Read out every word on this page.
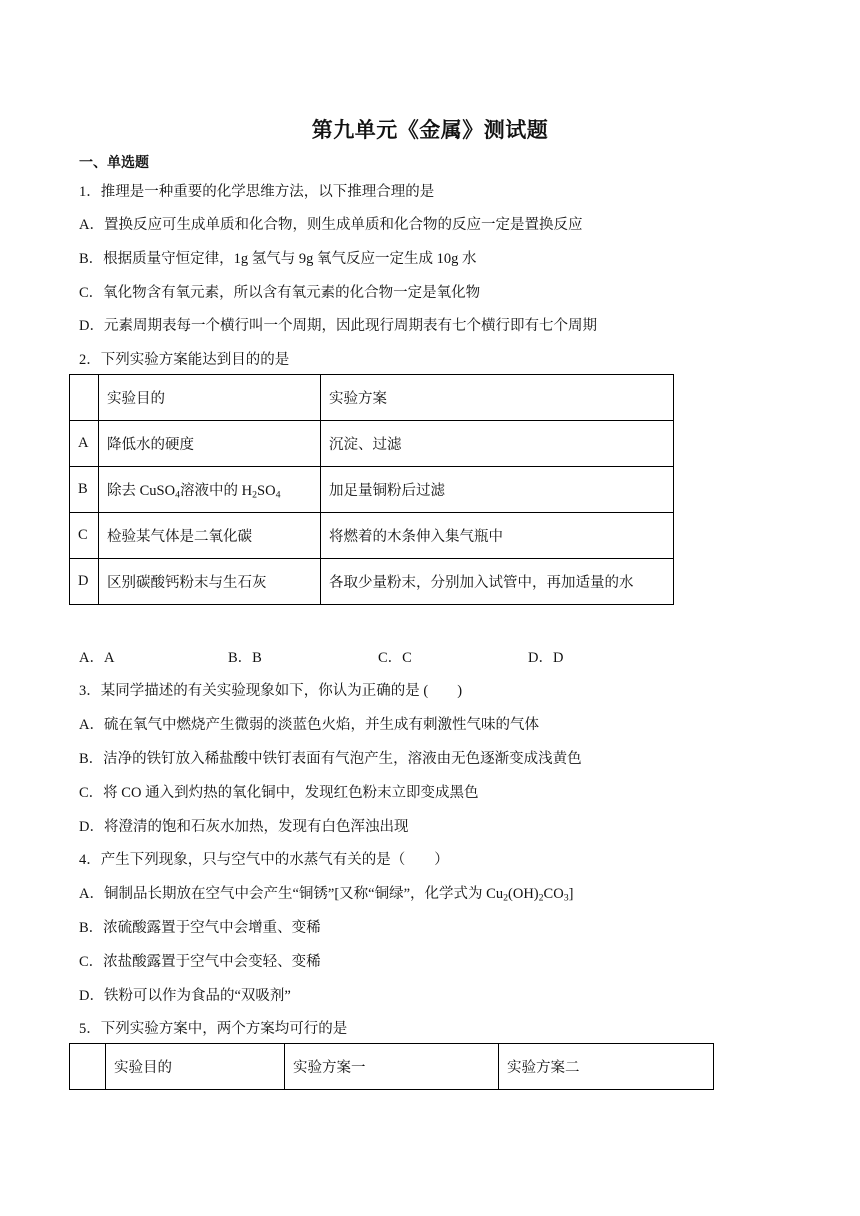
第九单元《金属》测试题
一、单选题
1．推理是一种重要的化学思维方法，以下推理合理的是
A．置换反应可生成单质和化合物，则生成单质和化合物的反应一定是置换反应
B．根据质量守恒定律，1g 氢气与 9g 氧气反应一定生成 10g 水
C．氧化物含有氧元素，所以含有氧元素的化合物一定是氧化物
D．元素周期表每一个横行叫一个周期，因此现行周期表有七个横行即有七个周期
2．下列实验方案能达到目的的是
	实验目的	实验方案
A	降低水的硬度	沉淀、过滤
B	除去 CuSO$_4$溶液中的 $H_2SO_4$	加足量铜粉后过滤
C	检验某气体是二氧化碳	将燃着的木条伸入集气瓶中
D	区别碳酸钙粉末与生石灰	各取少量粉末，分别加入试管中，再加适量的水
A．A	B．B	C．C	D．D
3．某同学描述的有关实验现象如下，你认为正确的是 (　　)
A．硫在氧气中燃烧产生微弱的淡蓝色火焰，并生成有刺激性气味的气体
B．洁净的铁钉放入稀盐酸中铁钉表面有气泡产生，溶液由无色逐渐变成浅黄色
C．将 CO 通入到灼热的氧化铜中，发现红色粉末立即变成黑色
D．将澄清的饱和石灰水加热，发现有白色浑浊出现
4．产生下列现象，只与空气中的水蒸气有关的是（　　）
A．铜制品长期放在空气中会产生“铜锈”[又称“铜绿”，化学式为 $Cu_2(OH)_2CO_3$]
B．浓硫酸露置于空气中会增重、变稀
C．浓盐酸露置于空气中会变轻、变稀
D．铁粉可以作为食品的“双吸剂”
5．下列实验方案中，两个方案均可行的是
	实验目的	实验方案一	实验方案二
